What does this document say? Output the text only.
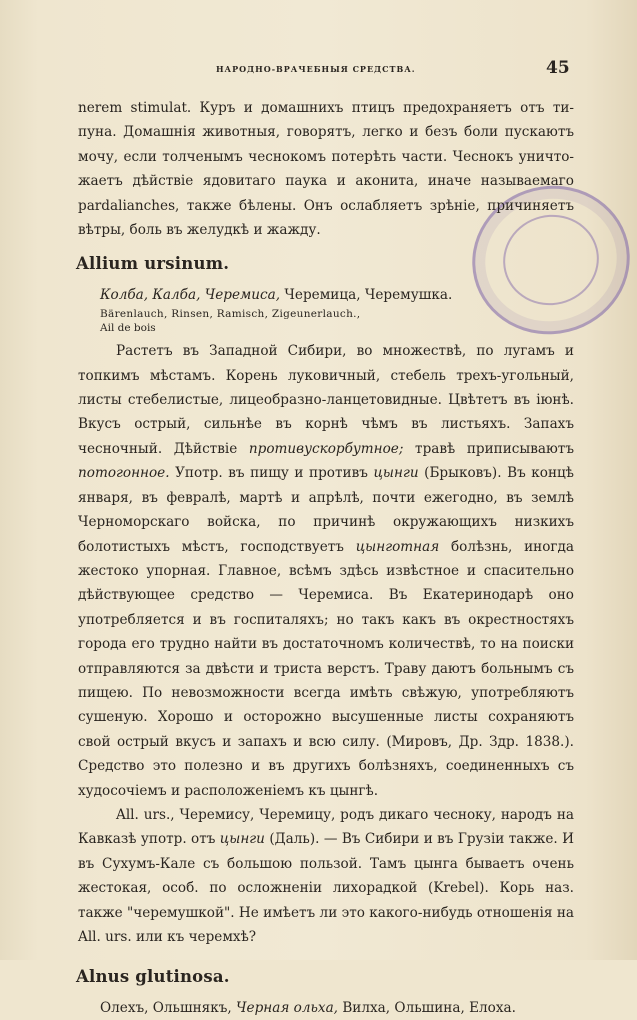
НАРОДНО-ВРАЧЕБНЫЯ СРЕДСТВА.	45
nerem stimulat. Куръ и домашнихъ птицъ предохраняетъ отъ ти- пуна. Домашнія животныя, говорятъ, легко и безъ боли пускаютъ мочу, если толченымъ чеснокомъ потерѣть части. Чеснокъ уничто- жаетъ дѣйствіе ядовитаго паука и аконита, иначе называемаго pardaliancheѕ, также бѣлены. Онъ ослабляетъ зрѣніе, причиняетъ вѣтры, боль въ желудкѣ и жажду.
Allium ursinum.
Колба, Калба, Черемиса, Черемица, Черемушка.
Bärenlauch, Rinsen, Ramisch, Zigeunerlauch.,
Ail de bois
Растетъ въ Западной Сибири, во множествѣ, по лугамъ и топкимъ мѣстамъ. Корень луковичный, стебель трехъ-угольный, листы стебелистые, лицеобразно-ланцетовидные. Цвѣтетъ въ іюнѣ. Вкусъ острый, сильнѣе въ корнѣ чѣмъ въ листьяхъ. Запахъ чесночный. Дѣйствіе противускорбутное; травѣ приписываютъ потогонное. Употр. въ пищу и противъ цынги (Брыковъ). Въ концѣ января, въ февралѣ, мартѣ и апрѣлѣ, почти ежегодно, въ землѣ Черноморскаго войска, по причинѣ окружающихъ низкихъ болотистыхъ мѣстъ, господствуетъ цынготная болѣзнь, иногда жестоко упорная. Главное, всѣмъ здѣсь извѣстное и спасительно дѣйствующее средство — Черемиса. Въ Екатеринодарѣ оно употребляется и въ госпиталяхъ; но такъ какъ въ окрестностяхъ города его трудно найти въ достаточномъ количествѣ, то на поиски отправляются за двѣсти и триста верстъ. Траву даютъ больнымъ съ пищею. По невозможности всегда имѣть свѣжую, употребляютъ сушеную. Хорошо и осторожно высушенные листы сохраняютъ свой острый вкусъ и запахъ и всю силу. (Мировъ, Др. Здр. 1838.). Средство это полезно и въ другихъ болѣзняхъ, соединенныхъ съ худосочіемъ и расположеніемъ къ цынгѣ.
All. urs., Черемису, Черемицу, родъ дикаго чесноку, народъ на Кавказѣ употр. отъ цынги (Даль). — Въ Сибири и въ Грузіи также. И въ Сухумъ-Кале съ большою пользой. Тамъ цынга бываетъ очень жестокая, особ. по осложненіи лихорадкой (Krebel). Корь наз. также "черемушкой". Не имѣетъ ли это какого-нибудь отношенія на All. urs. или къ черемхѣ?
Alnus glutinosa.
Олехъ, Ольшнякъ, Черная ольха, Вилха, Ольшина, Елоха.
